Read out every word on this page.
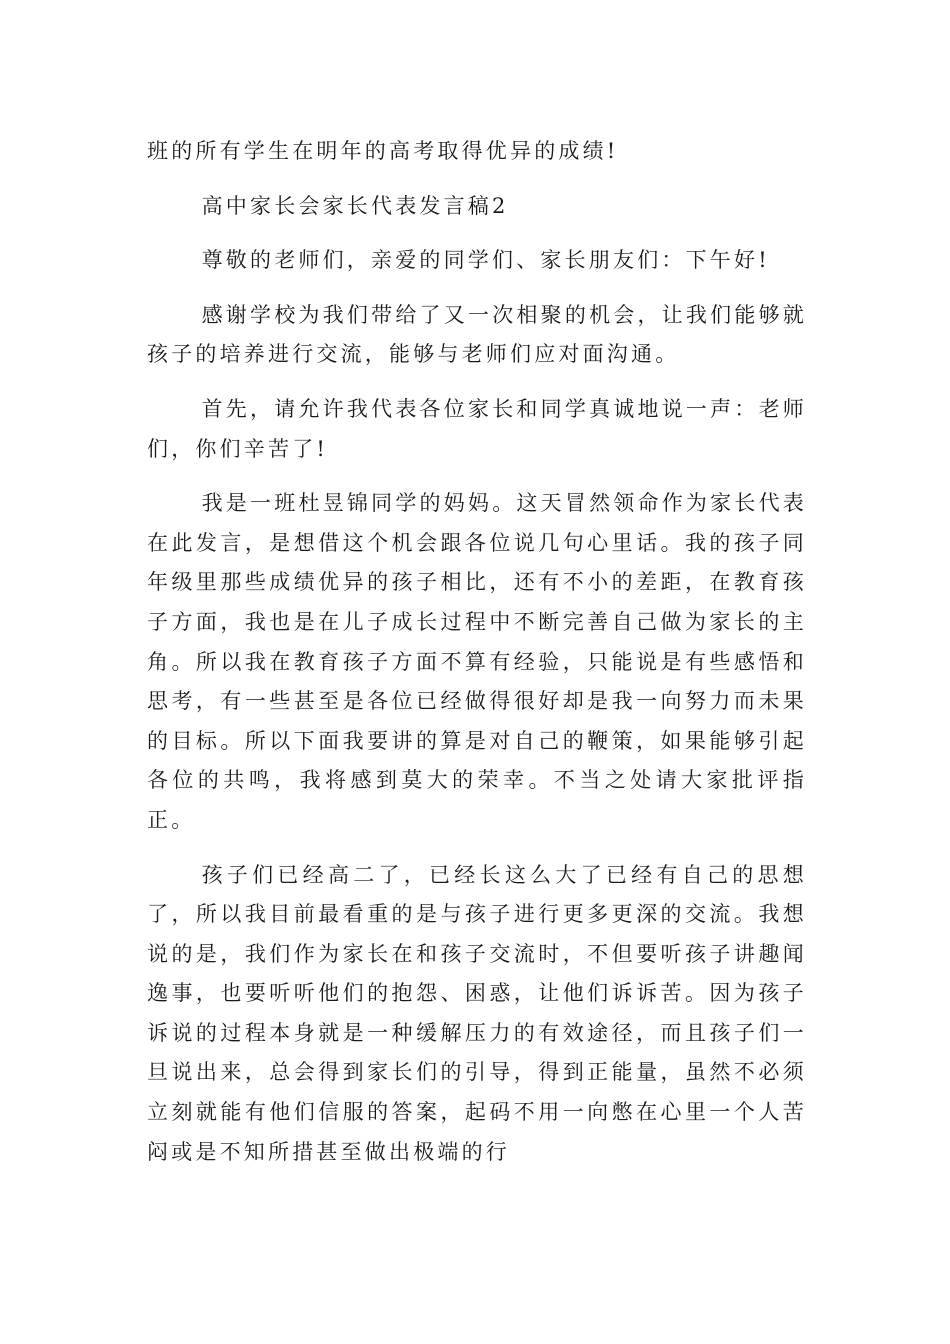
班的所有学生在明年的高考取得优异的成绩!

高中家长会家长代表发言稿2

尊敬的老师们，亲爱的同学们、家长朋友们：下午好!

感谢学校为我们带给了又一次相聚的机会，让我们能够就孩子的培养进行交流，能够与老师们应对面沟通。

首先，请允许我代表各位家长和同学真诚地说一声：老师们，你们辛苦了!

我是一班杜昱锦同学的妈妈。这天冒然领命作为家长代表在此发言，是想借这个机会跟各位说几句心里话。我的孩子同年级里那些成绩优异的孩子相比，还有不小的差距，在教育孩子方面，我也是在儿子成长过程中不断完善自己做为家长的主角。所以我在教育孩子方面不算有经验，只能说是有些感悟和思考，有一些甚至是各位已经做得很好却是我一向努力而未果的目标。所以下面我要讲的算是对自己的鞭策，如果能够引起各位的共鸣，我将感到莫大的荣幸。不当之处请大家批评指正。

孩子们已经高二了，已经长这么大了已经有自己的思想了，所以我目前最看重的是与孩子进行更多更深的交流。我想说的是，我们作为家长在和孩子交流时，不但要听孩子讲趣闻逸事，也要听听他们的抱怨、困惑，让他们诉诉苦。因为孩子诉说的过程本身就是一种缓解压力的有效途径，而且孩子们一旦说出来，总会得到家长们的引导，得到正能量，虽然不必须立刻就能有他们信服的答案，起码不用一向憋在心里一个人苦闷或是不知所措甚至做出极端的行
